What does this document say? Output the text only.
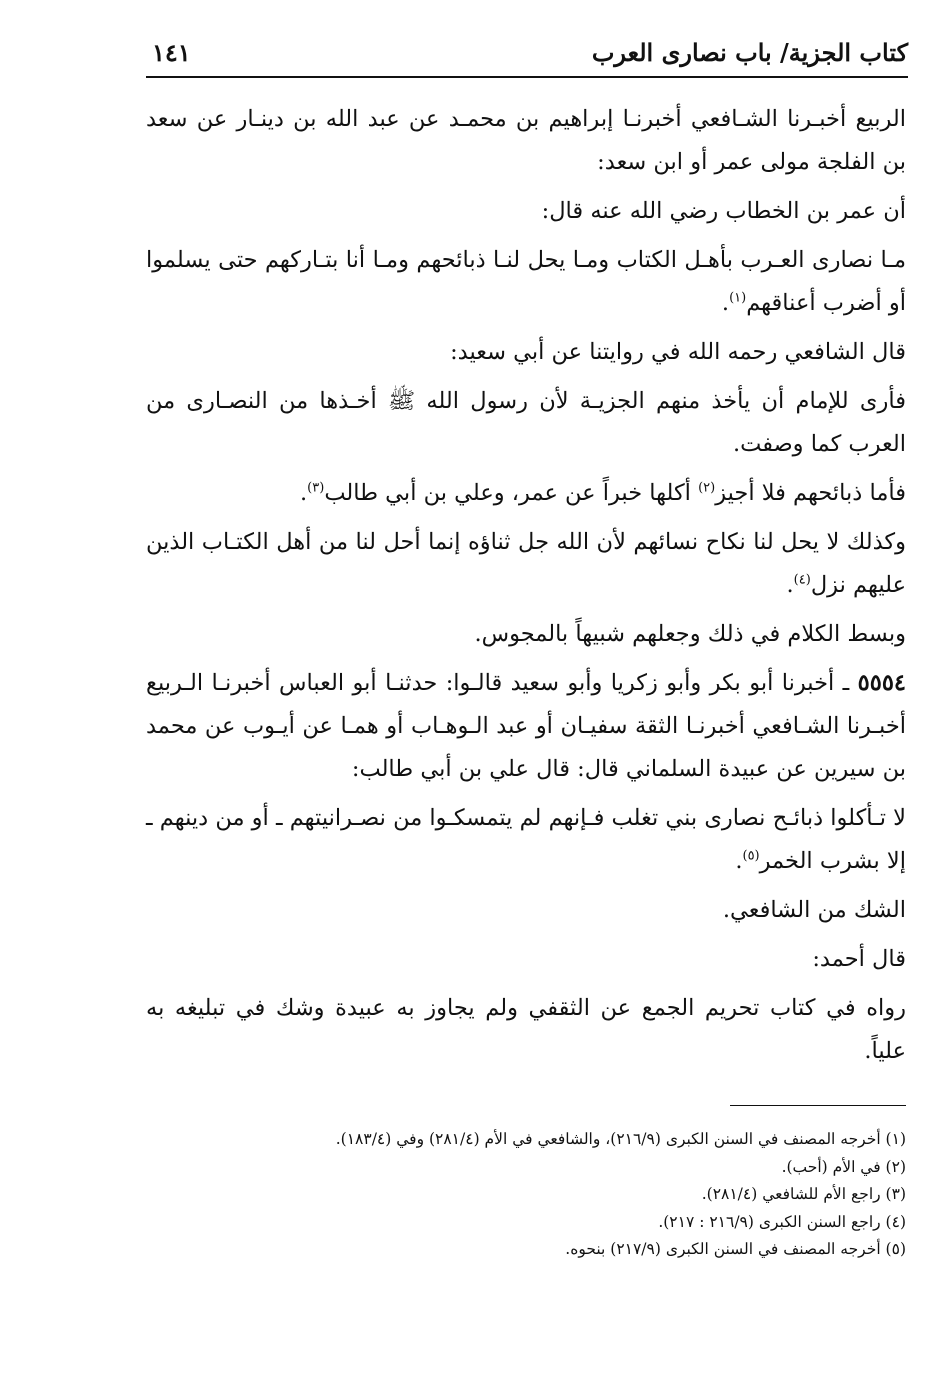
كتاب الجزية/ باب نصارى العرب
١٤١

الربيع أخبـرنا الشـافعي أخبرنـا إبراهيم بن محمـد عن عبد الله بن دينـار عن سعد بن الفلجة مولى عمر أو ابن سعد:

أن عمر بن الخطاب رضي الله عنه قال:

مـا نصارى العـرب بأهـل الكتاب ومـا يحل لنـا ذبائحهم ومـا أنا بتـاركهم حتى يسلموا أو أضرب أعناقهم$^{(١)}$.

قال الشافعي رحمه الله في روايتنا عن أبي سعيد:

فأرى للإمام أن يأخذ منهم الجزيـة لأن رسول الله ﷺ أخـذها من النصـارى من العرب كما وصفت.

فأما ذبائحهم فلا أجيز$^{(٢)}$ أكلها خبراً عن عمر، وعلي بن أبي طالب$^{(٣)}$.

وكذلك لا يحل لنا نكاح نسائهم لأن الله جل ثناؤه إنما أحل لنا من أهل الكتـاب الذين عليهم نزل$^{(٤)}$.

وبسط الكلام في ذلك وجعلهم شبيهاً بالمجوس.

٥٥٥٤ ـ أخبرنا أبو بكر وأبو زكريا وأبو سعيد قالـوا: حدثنـا أبو العباس أخبرنـا الـربيع أخبـرنا الشـافعي أخبرنـا الثقة سفيـان أو عبد الـوهـاب أو همـا عن أيـوب عن محمد بن سيرين عن عبيدة السلماني قال: قال علي بن أبي طالب:

لا تـأكلوا ذبائـح نصارى بني تغلب فـإنهم لم يتمسكـوا من نصـرانيتهم ـ أو من دينهم ـ إلا بشرب الخمر$^{(٥)}$.

الشك من الشافعي.

قال أحمد:

رواه في كتاب تحريم الجمع عن الثقفي ولم يجاوز به عبيدة وشك في تبليغه به علياً.

(١) أخرجه المصنف في السنن الكبرى (٢١٦/٩)، والشافعي في الأم (٢٨١/٤) وفي (١٨٣/٤).
(٢) في الأم (أحب).
(٣) راجع الأم للشافعي (٢٨١/٤).
(٤) راجع السنن الكبرى (٢١٦/٩ : ٢١٧).
(٥) أخرجه المصنف في السنن الكبرى (٢١٧/٩) بنحوه.
